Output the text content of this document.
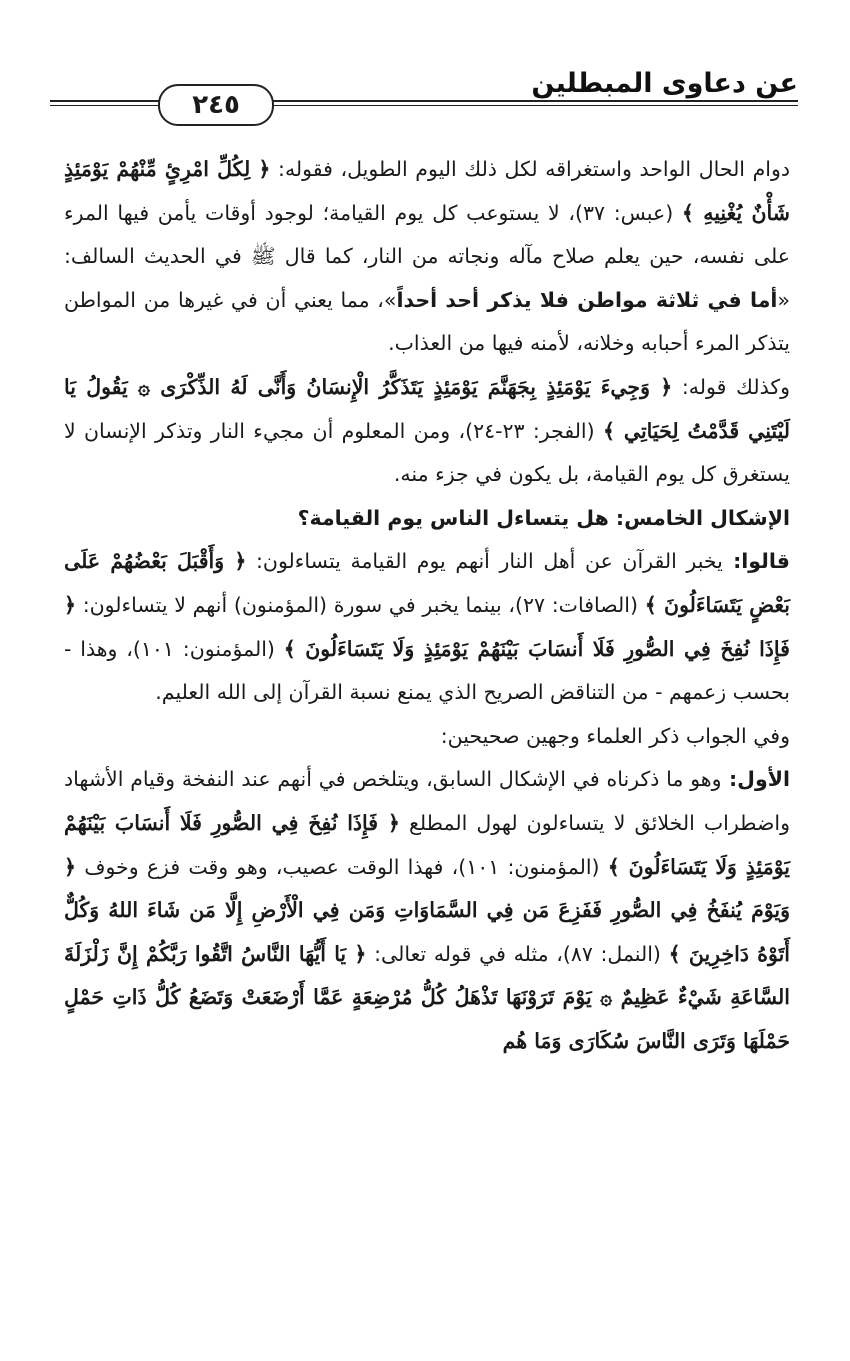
عن دعاوى المبطلين
٢٤٥

دوام الحال الواحد واستغراقه لكل ذلك اليوم الطويل، فقوله: ﴿ لِكُلِّ امْرِئٍ مِّنْهُمْ يَوْمَئِذٍ شَأْنٌ يُغْنِيهِ ﴾ (عبس: ٣٧)، لا يستوعب كل يوم القيامة؛ لوجود أوقات يأمن فيها المرء على نفسه، حين يعلم صلاح مآله ونجاته من النار، كما قال ﷺ في الحديث السالف: «أما في ثلاثة مواطن فلا يذكر أحد أحداً»، مما يعني أن في غيرها من المواطن يتذكر المرء أحبابه وخلانه، لأمنه فيها من العذاب.

وكذلك قوله: ﴿ وَجِيءَ يَوْمَئِذٍ بِجَهَنَّمَ يَوْمَئِذٍ يَتَذَكَّرُ الْإِنسَانُ وَأَنَّى لَهُ الذِّكْرَى ۞ يَقُولُ يَا لَيْتَنِي قَدَّمْتُ لِحَيَاتِي ﴾ (الفجر: ٢٣-٢٤)، ومن المعلوم أن مجيء النار وتذكر الإنسان لا يستغرق كل يوم القيامة، بل يكون في جزء منه.

الإشكال الخامس: هل يتساءل الناس يوم القيامة؟

قالوا: يخبر القرآن عن أهل النار أنهم يوم القيامة يتساءلون: ﴿ وَأَقْبَلَ بَعْضُهُمْ عَلَى بَعْضٍ يَتَسَاءَلُونَ ﴾ (الصافات: ٢٧)، بينما يخبر في سورة (المؤمنون) أنهم لا يتساءلون: ﴿ فَإِذَا نُفِخَ فِي الصُّورِ فَلَا أَنسَابَ بَيْنَهُمْ يَوْمَئِذٍ وَلَا يَتَسَاءَلُونَ ﴾ (المؤمنون: ١٠١)، وهذا - بحسب زعمهم - من التناقض الصريح الذي يمنع نسبة القرآن إلى الله العليم.

وفي الجواب ذكر العلماء وجهين صحيحين:

الأول: وهو ما ذكرناه في الإشكال السابق، ويتلخص في أنهم عند النفخة وقيام الأشهاد واضطراب الخلائق لا يتساءلون لهول المطلع ﴿ فَإِذَا نُفِخَ فِي الصُّورِ فَلَا أَنسَابَ بَيْنَهُمْ يَوْمَئِذٍ وَلَا يَتَسَاءَلُونَ ﴾ (المؤمنون: ١٠١)، فهذا الوقت عصيب، وهو وقت فزع وخوف ﴿ وَيَوْمَ يُنفَخُ فِي الصُّورِ فَفَزِعَ مَن فِي السَّمَاوَاتِ وَمَن فِي الْأَرْضِ إِلَّا مَن شَاءَ اللهُ وَكُلٌّ أَتَوْهُ دَاخِرِينَ ﴾ (النمل: ٨٧)، مثله في قوله تعالى: ﴿ يَا أَيُّهَا النَّاسُ اتَّقُوا رَبَّكُمْ إِنَّ زَلْزَلَةَ السَّاعَةِ شَيْءٌ عَظِيمٌ ۞ يَوْمَ تَرَوْنَهَا تَذْهَلُ كُلُّ مُرْضِعَةٍ عَمَّا أَرْضَعَتْ وَتَضَعُ كُلُّ ذَاتِ حَمْلٍ حَمْلَهَا وَتَرَى النَّاسَ سُكَارَى وَمَا هُم
